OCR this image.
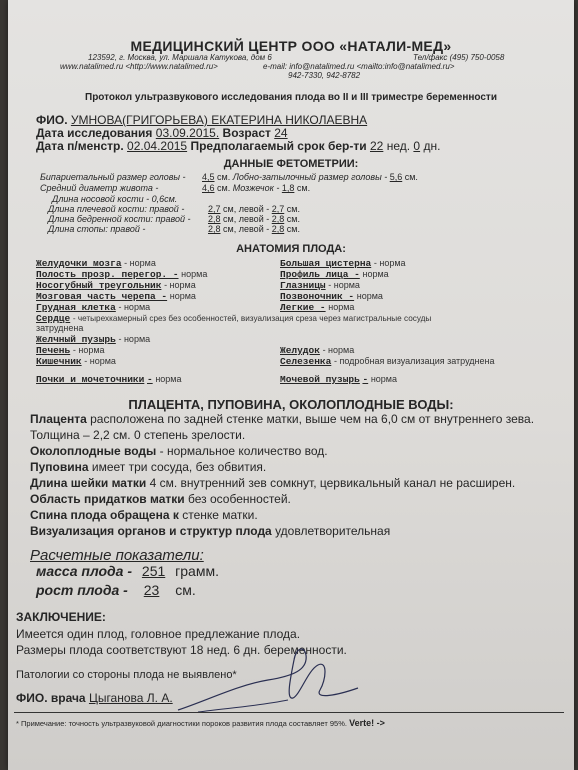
МЕДИЦИНСКИЙ ЦЕНТР ООО «НАТАЛИ-МЕД»
123592, г. Москва, ул. Маршала Катукова, дом 6	Тел/факс (495) 750-0058
www.natalimed.ru <http://www.natalimed.ru>	e-mail: info@natalimed.ru <mailto:info@natalimed.ru>
942-7330, 942-8782
Протокол ультразвукового исследования плода во II и III триместре беременности
ФИО. УМНОВА(ГРИГОРЬЕВА) ЕКАТЕРИНА НИКОЛАЕВНА
Дата исследования 03.09.2015. Возраст 24
Дата п/менстр. 02.04.2015 Предполагаемый срок бер-ти 22 нед. 0 дн.
ДАННЫЕ ФЕТОМЕТРИИ:
Бипариетальный размер головы - 4,5 см. Лобно-затылочный размер головы - 5,6 см.
Средний диаметр живота -	4,6 см. Мозжечок - 1,8 см.
Длина носовой кости - 0,6см.
Длина плечевой кости: правой -	2,7 см, левой - 2,7 см.
Длина бедренной кости: правой - 2,8 см, левой - 2,8 см.
Длина стопы: правой -	2,8 см, левой - 2,8 см.
АНАТОМИЯ ПЛОДА:
Желудочки мозга - норма	Большая цистерна - норма
Полость прозр. перегор. - норма	Профиль лица - норма
Носогубный треугольник - норма	Глазницы - норма
Мозговая часть черепа - норма	Позвоночник - норма
Грудная клетка - норма	Легкие - норма
Сердце - четырехкамерный срез без особенностей, визуализация среза через магистральные сосуды
затруднена
Желчный пузырь - норма
Печень - норма	Желудок - норма
Кишечник - норма	Селезенка - подробная визуализация затруднена
Почки и мочеточники - норма	Мочевой пузырь - норма
ПЛАЦЕНТА, ПУПОВИНА, ОКОЛОПЛОДНЫЕ ВОДЫ:
Плацента расположена по задней стенке матки, выше чем на 6,0 см от внутреннего зева.
Толщина – 2,2 см. 0 степень зрелости.
Околоплодные воды - нормальное количество вод.
Пуповина имеет три сосуда, без обвития.
Длина шейки матки 4 см. внутренний зев сомкнут, цервикальный канал не расширен.
Область придатков матки без особенностей.
Спина плода обращена к стенке матки.
Визуализация органов и структур плода удовлетворительная
Расчетные показатели:
масса плода - 251 грамм.
рост плода - 23 см.
ЗАКЛЮЧЕНИЕ:
Имеется один плод, головное предлежание плода.
Размеры плода соответствуют 18 нед. 6 дн. беременности.
Патологии со стороны плода не выявлено*
ФИО. врача Цыганова Л. А.
* Примечание: точность ультразвуковой диагностики пороков развития плода составляет 95%. Verte! ->
